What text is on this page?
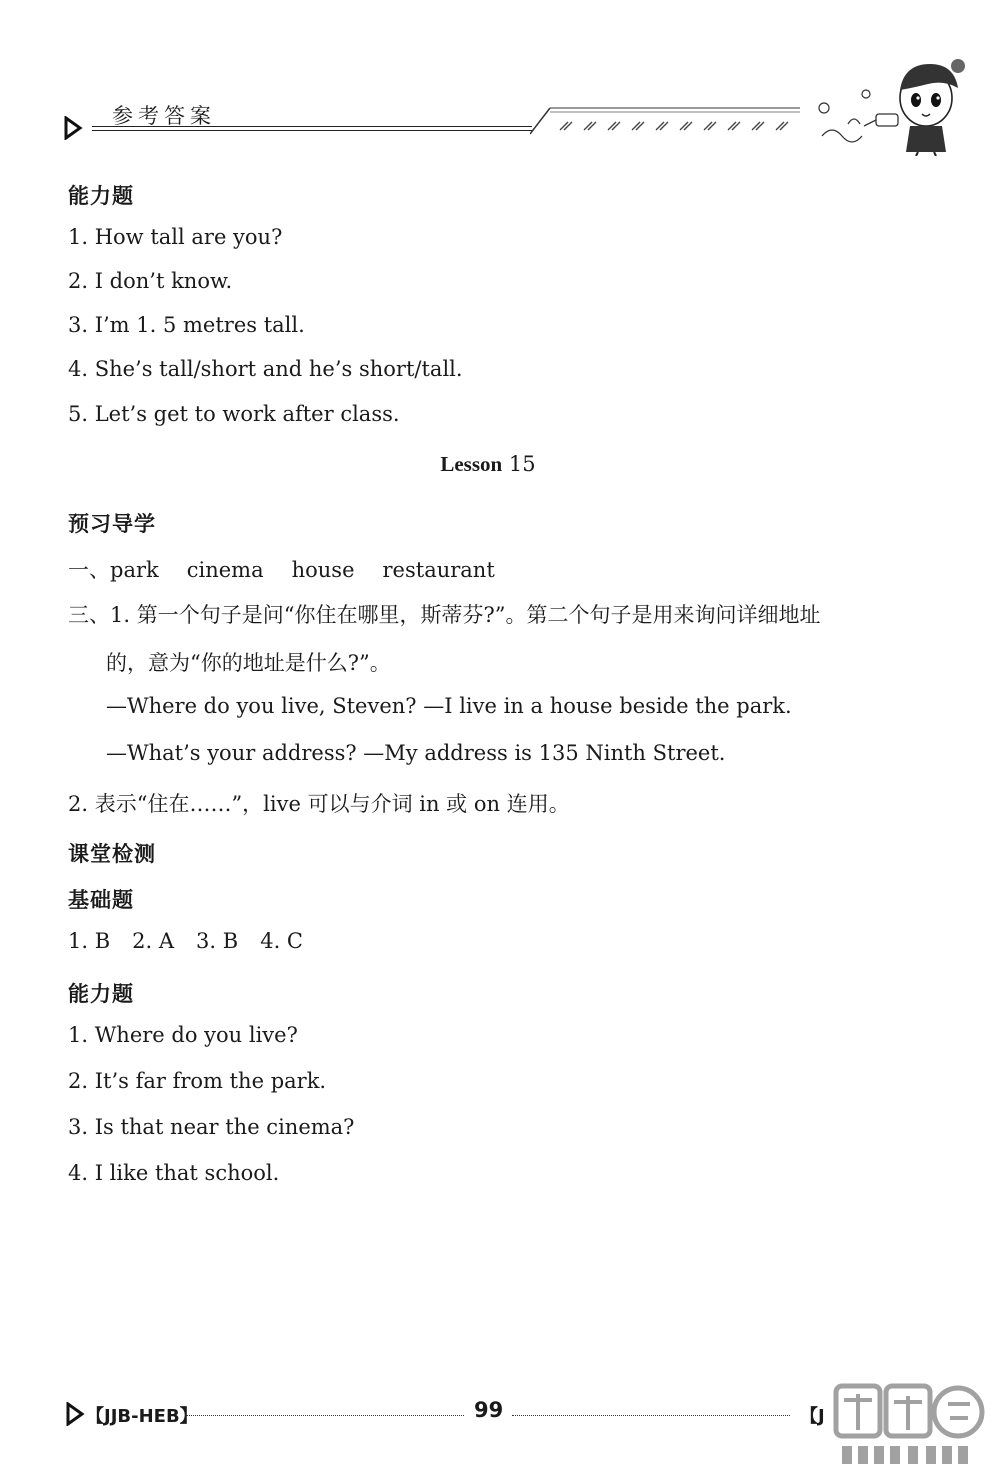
参考答案
能力题
1. How tall are you?
2. I don’t know.
3. I’m 1. 5 metres tall.
4. She’s tall/short and he’s short/tall.
5. Let’s get to work after class.
Lesson 15
预习导学
一、park cinema house restaurant
三、1. 第一个句子是问“你住在哪里，斯蒂芬?”。第二个句子是用来询问详细地址
的，意为“你的地址是什么?”。
—Where do you live, Steven? —I live in a house beside the park.
—What’s your address? —My address is 135 Ninth Street.
2. 表示“住在……”，live 可以与介词 in 或 on 连用。
课堂检测
基础题
1. B 2. A 3. B 4. C
能力题
1. Where do you live?
2. It’s far from the park.
3. Is that near the cinema?
4. I like that school.
【JJB-HEB】	99	【J
